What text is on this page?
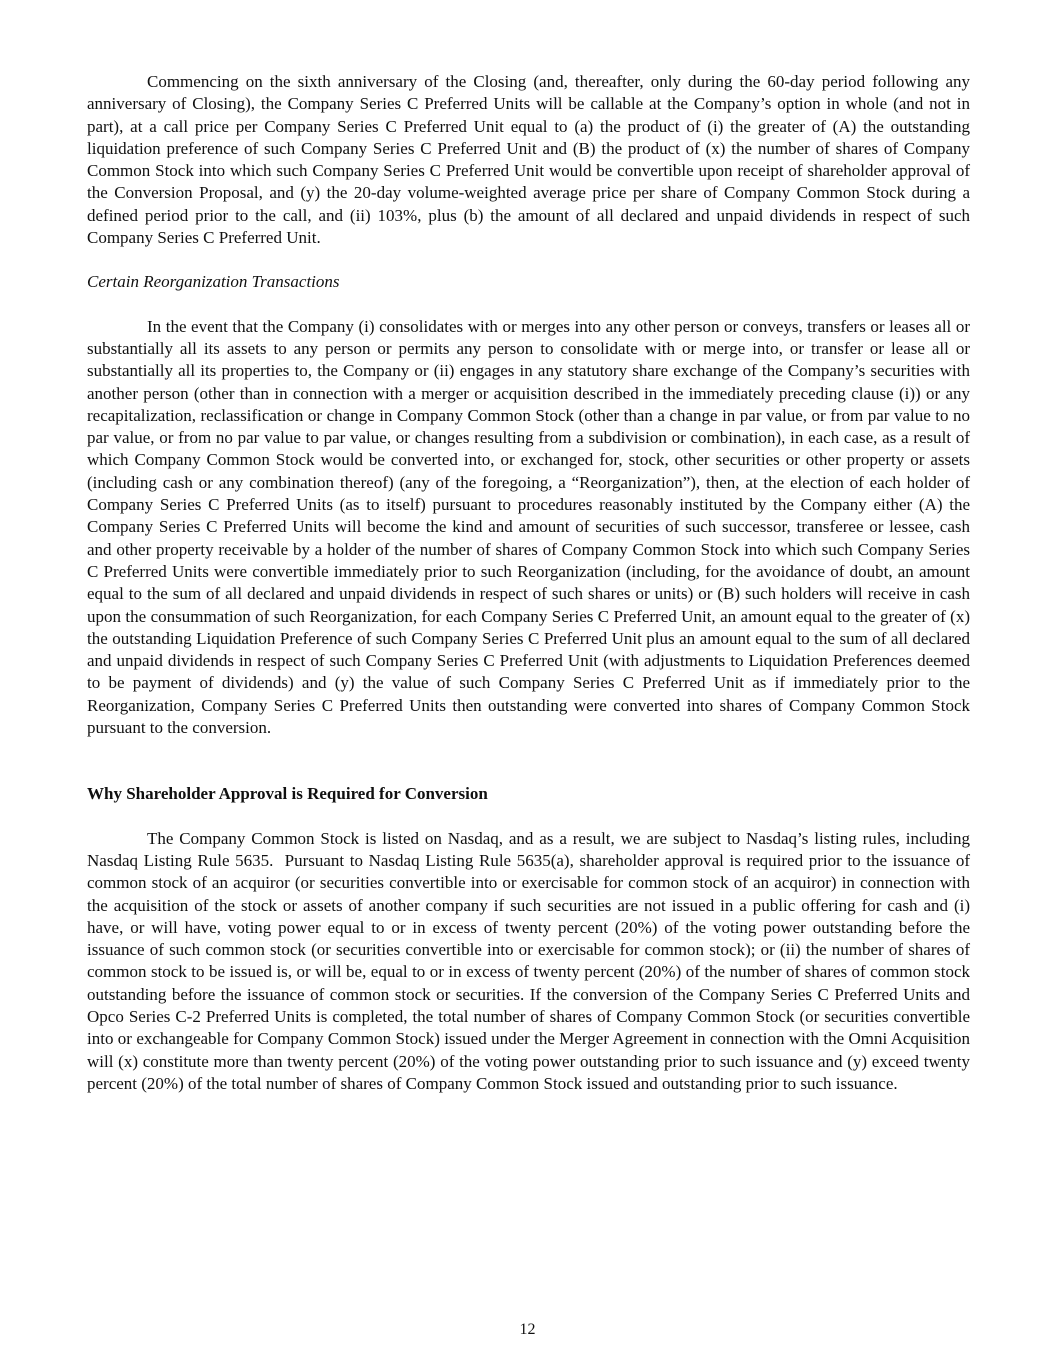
Commencing on the sixth anniversary of the Closing (and, thereafter, only during the 60-day period following any anniversary of Closing), the Company Series C Preferred Units will be callable at the Company’s option in whole (and not in part), at a call price per Company Series C Preferred Unit equal to (a) the product of (i) the greater of (A) the outstanding liquidation preference of such Company Series C Preferred Unit and (B) the product of (x) the number of shares of Company Common Stock into which such Company Series C Preferred Unit would be convertible upon receipt of shareholder approval of the Conversion Proposal, and (y) the 20-day volume-weighted average price per share of Company Common Stock during a defined period prior to the call, and (ii) 103%, plus (b) the amount of all declared and unpaid dividends in respect of such Company Series C Preferred Unit.

Certain Reorganization Transactions

In the event that the Company (i) consolidates with or merges into any other person or conveys, transfers or leases all or substantially all its assets to any person or permits any person to consolidate with or merge into, or transfer or lease all or substantially all its properties to, the Company or (ii) engages in any statutory share exchange of the Company’s securities with another person (other than in connection with a merger or acquisition described in the immediately preceding clause (i)) or any recapitalization, reclassification or change in Company Common Stock (other than a change in par value, or from par value to no par value, or from no par value to par value, or changes resulting from a subdivision or combination), in each case, as a result of which Company Common Stock would be converted into, or exchanged for, stock, other securities or other property or assets (including cash or any combination thereof) (any of the foregoing, a “Reorganization”), then, at the election of each holder of Company Series C Preferred Units (as to itself) pursuant to procedures reasonably instituted by the Company either (A) the Company Series C Preferred Units will become the kind and amount of securities of such successor, transferee or lessee, cash and other property receivable by a holder of the number of shares of Company Common Stock into which such Company Series C Preferred Units were convertible immediately prior to such Reorganization (including, for the avoidance of doubt, an amount equal to the sum of all declared and unpaid dividends in respect of such shares or units) or (B) such holders will receive in cash upon the consummation of such Reorganization, for each Company Series C Preferred Unit, an amount equal to the greater of (x) the outstanding Liquidation Preference of such Company Series C Preferred Unit plus an amount equal to the sum of all declared and unpaid dividends in respect of such Company Series C Preferred Unit (with adjustments to Liquidation Preferences deemed to be payment of dividends) and (y) the value of such Company Series C Preferred Unit as if immediately prior to the Reorganization, Company Series C Preferred Units then outstanding were converted into shares of Company Common Stock pursuant to the conversion.

Why Shareholder Approval is Required for Conversion

The Company Common Stock is listed on Nasdaq, and as a result, we are subject to Nasdaq’s listing rules, including Nasdaq Listing Rule 5635.  Pursuant to Nasdaq Listing Rule 5635(a), shareholder approval is required prior to the issuance of common stock of an acquiror (or securities convertible into or exercisable for common stock of an acquiror) in connection with the acquisition of the stock or assets of another company if such securities are not issued in a public offering for cash and (i) have, or will have, voting power equal to or in excess of twenty percent (20%) of the voting power outstanding before the issuance of such common stock (or securities convertible into or exercisable for common stock); or (ii) the number of shares of common stock to be issued is, or will be, equal to or in excess of twenty percent (20%) of the number of shares of common stock outstanding before the issuance of common stock or securities. If the conversion of the Company Series C Preferred Units and Opco Series C-2 Preferred Units is completed, the total number of shares of Company Common Stock (or securities convertible into or exchangeable for Company Common Stock) issued under the Merger Agreement in connection with the Omni Acquisition will (x) constitute more than twenty percent (20%) of the voting power outstanding prior to such issuance and (y) exceed twenty percent (20%) of the total number of shares of Company Common Stock issued and outstanding prior to such issuance.

12
